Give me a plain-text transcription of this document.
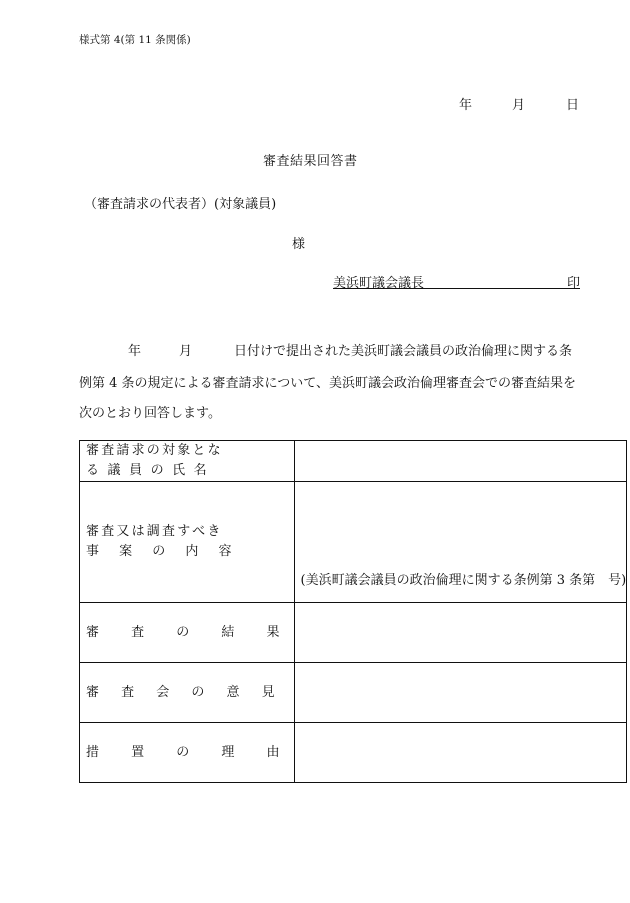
様式第 4(第 11 条関係)
年	月	日
審査結果回答書
（審査請求の代表者）(対象議員)
様
美浜町議会議長	印

年	月	日付けで提出された美浜町議会議員の政治倫理に関する条
例第 4 条の規定による審査請求について、美浜町議会政治倫理審査会での審査結果を
次のとおり回答します。
審査請求の対象とな
る 議 員 の 氏 名	

審査又は調査すべき
事 案 の 内 容	(美浜町議会議員の政治倫理に関する条例第 3 条第　号)

審 査 の 結 果	

審 査 会 の 意 見	

措 置 の 理 由	
